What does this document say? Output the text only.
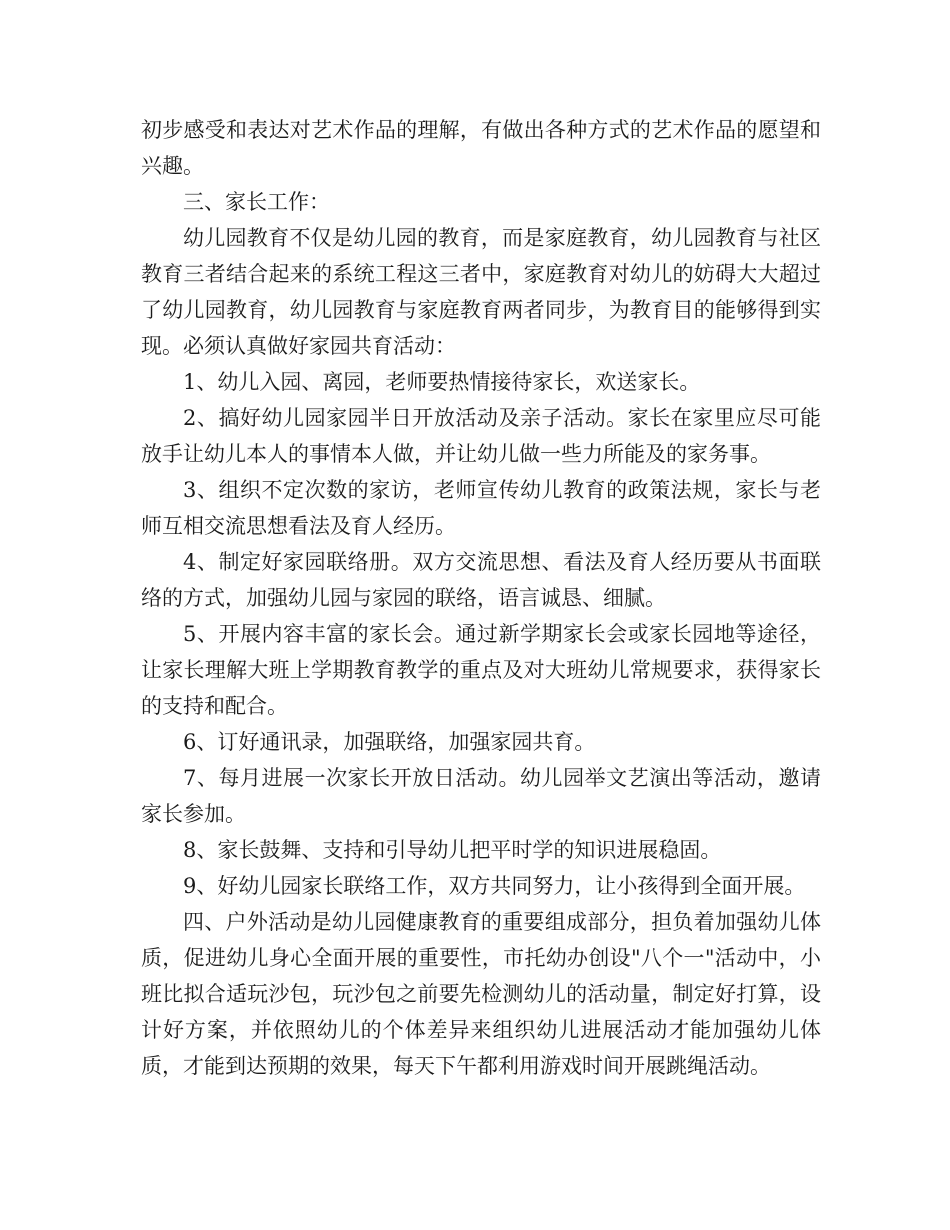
初步感受和表达对艺术作品的理解，有做出各种方式的艺术作品的愿望和兴趣。

三、家长工作：

幼儿园教育不仅是幼儿园的教育，而是家庭教育，幼儿园教育与社区教育三者结合起来的系统工程这三者中，家庭教育对幼儿的妨碍大大超过了幼儿园教育，幼儿园教育与家庭教育两者同步，为教育目的能够得到实现。必须认真做好家园共育活动：

1、幼儿入园、离园，老师要热情接待家长，欢送家长。

2、搞好幼儿园家园半日开放活动及亲子活动。家长在家里应尽可能放手让幼儿本人的事情本人做，并让幼儿做一些力所能及的家务事。

3、组织不定次数的家访，老师宣传幼儿教育的政策法规，家长与老师互相交流思想看法及育人经历。

4、制定好家园联络册。双方交流思想、看法及育人经历要从书面联络的方式，加强幼儿园与家园的联络，语言诚恳、细腻。

5、开展内容丰富的家长会。通过新学期家长会或家长园地等途径，让家长理解大班上学期教育教学的重点及对大班幼儿常规要求，获得家长的支持和配合。

6、订好通讯录，加强联络，加强家园共育。

7、每月进展一次家长开放日活动。幼儿园举文艺演出等活动，邀请家长参加。

8、家长鼓舞、支持和引导幼儿把平时学的知识进展稳固。

9、好幼儿园家长联络工作，双方共同努力，让小孩得到全面开展。

四、户外活动是幼儿园健康教育的重要组成部分，担负着加强幼儿体质，促进幼儿身心全面开展的重要性，市托幼办创设"八个一"活动中，小班比拟合适玩沙包，玩沙包之前要先检测幼儿的活动量，制定好打算，设计好方案，并依照幼儿的个体差异来组织幼儿进展活动才能加强幼儿体质，才能到达预期的效果，每天下午都利用游戏时间开展跳绳活动。
